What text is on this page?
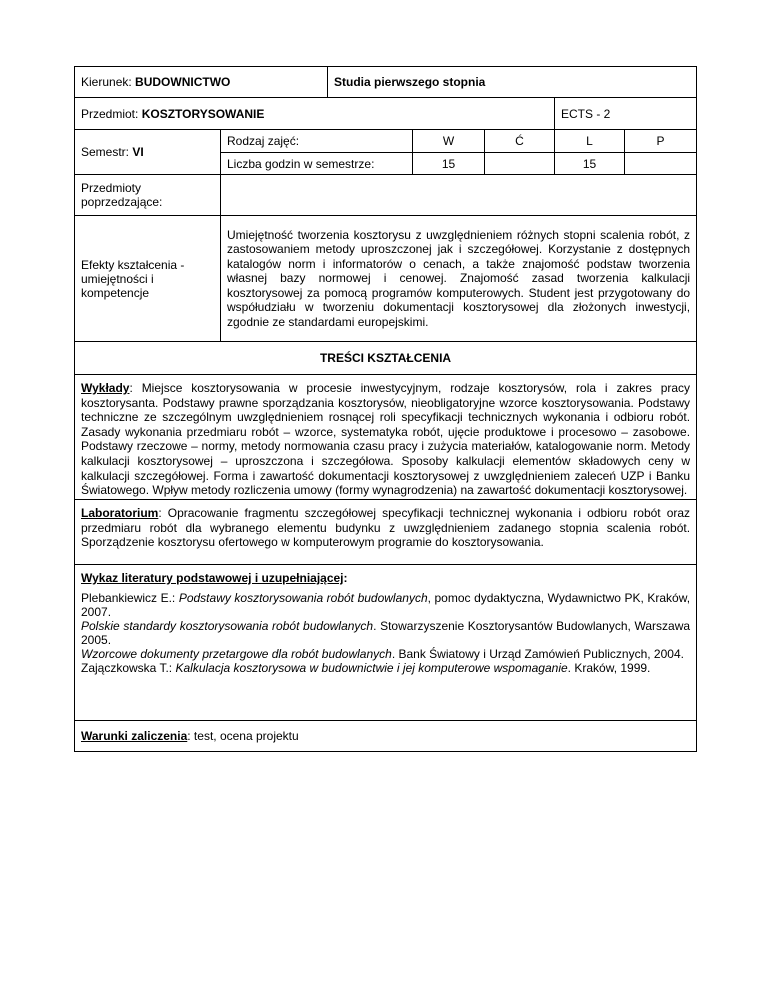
Kierunek: BUDOWNICTWO		Studia pierwszego stopnia				
Przedmiot: KOSZTORYSOWANIE					ECTS - 2	
Semestr: VI	Rodzaj zajęć:		W	Ć	L	P
	Liczba godzin w semestrze:		15		15	
Przedmioty poprzedzające:						
Efekty kształcenia - umiejętności i kompetencje	Umiejętność tworzenia kosztorysu z uwzględnieniem różnych stopni scalenia robót, z zastosowaniem metody uproszczonej jak i szczegółowej. Korzystanie z dostępnych katalogów norm i informatorów o cenach, a także znajomość podstaw tworzenia własnej bazy normowej i cenowej. Znajomość zasad tworzenia kalkulacji kosztorysowej za pomocą programów komputerowych. Student jest przygotowany do współudziału w tworzeniu dokumentacji kosztorysowej dla złożonych inwestycji, zgodnie ze standardami europejskimi.					
TREŚCI KSZTAŁCENIA						
Wykłady: Miejsce kosztorysowania w procesie inwestycyjnym, rodzaje kosztorysów, rola i zakres pracy kosztorysanta. Podstawy prawne sporządzania kosztorysów, nieobligatoryjne wzorce kosztorysowania. Podstawy techniczne ze szczególnym uwzględnieniem rosnącej roli specyfikacji technicznych wykonania i odbioru robót. Zasady wykonania przedmiaru robót – wzorce, systematyka robót, ujęcie produktowe i procesowo – zasobowe. Podstawy rzeczowe – normy, metody normowania czasu pracy i zużycia materiałów, katalogowanie norm. Metody kalkulacji kosztorysowej – uproszczona i szczegółowa. Sposoby kalkulacji elementów składowych ceny w kalkulacji szczegółowej. Forma i zawartość dokumentacji kosztorysowej z uwzględnieniem zaleceń UZP i Banku Światowego. Wpływ metody rozliczenia umowy (formy wynagrodzenia) na zawartość dokumentacji kosztorysowej.						
Laboratorium: Opracowanie fragmentu szczegółowej specyfikacji technicznej wykonania i odbioru robót oraz przedmiaru robót dla wybranego elementu budynku z uwzględnieniem zadanego stopnia scalenia robót. Sporządzenie kosztorysu ofertowego w komputerowym programie do kosztorysowania.						

Wykaz literatury podstawowej i uzupełniającej:

Plebankiewicz E.: Podstawy kosztorysowania robót budowlanych, pomoc dydaktyczna, Wydawnictwo PK, Kraków, 2007.

Polskie standardy kosztorysowania robót budowlanych. Stowarzyszenie Kosztorysantów Budowlanych, Warszawa 2005.

Wzorcowe dokumenty przetargowe dla robót budowlanych. Bank Światowy i Urząd Zamówień Publicznych, 2004.

Zajączkowska T.: Kalkulacja kosztorysowa w budownictwie i jej komputerowe wspomaganie. Kraków, 1999.						

Warunki zaliczenia: test, ocena projektu						
